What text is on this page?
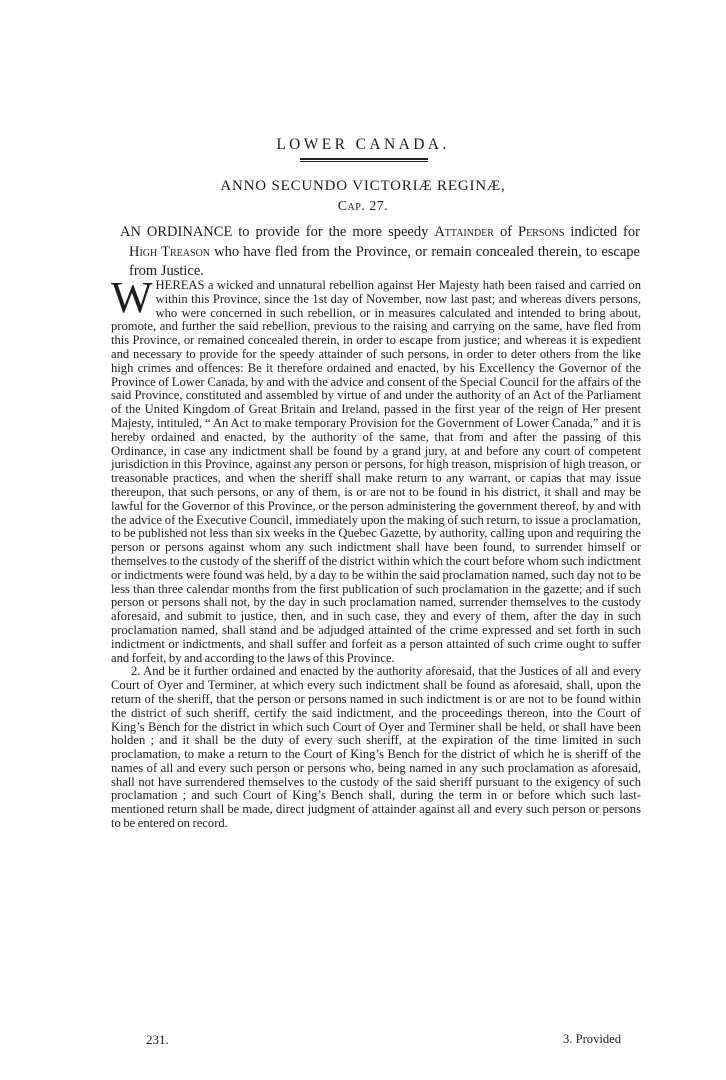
LOWER CANADA.
ANNO SECUNDO VICTORIÆ REGINÆ,
Cap. 27.

AN ORDINANCE to provide for the more speedy Attainder of Persons indicted for High Treason who have fled from the Province, or remain concealed therein, to escape from Justice.

WHEREAS a wicked and unnatural rebellion against Her Majesty hath been raised and carried on within this Province, since the 1st day of November, now last past; and whereas divers persons, who were concerned in such rebellion, or in measures calculated and intended to bring about, promote, and further the said rebellion, previous to the raising and carrying on the same, have fled from this Province, or remained concealed therein, in order to escape from justice; and whereas it is expedient and necessary to provide for the speedy attainder of such persons, in order to deter others from the like high crimes and offences: Be it therefore ordained and enacted, by his Excellency the Governor of the Province of Lower Canada, by and with the advice and consent of the Special Council for the affairs of the said Province, constituted and assembled by virtue of and under the authority of an Act of the Parliament of the United Kingdom of Great Britain and Ireland, passed in the first year of the reign of Her present Majesty, intituled, “ An Act to make temporary Provision for the Government of Lower Canada,” and it is hereby ordained and enacted, by the authority of the same, that from and after the passing of this Ordinance, in case any indictment shall be found by a grand jury, at and before any court of competent jurisdiction in this Province, against any person or persons, for high treason, misprision of high treason, or treasonable practices, and when the sheriff shall make return to any warrant, or capias that may issue thereupon, that such persons, or any of them, is or are not to be found in his district, it shall and may be lawful for the Governor of this Province, or the person administering the government thereof, by and with the advice of the Executive Council, immediately upon the making of such return, to issue a proclamation, to be published not less than six weeks in the Quebec Gazette, by authority, calling upon and requiring the person or persons against whom any such indictment shall have been found, to surrender himself or themselves to the custody of the sheriff of the district within which the court before whom such indictment or indictments were found was held, by a day to be within the said proclamation named, such day not to be less than three calendar months from the first publication of such proclamation in the gazette; and if such person or persons shall not, by the day in such proclamation named, surrender themselves to the custody aforesaid, and submit to justice, then, and in such case, they and every of them, after the day in such proclamation named, shall stand and be adjudged attainted of the crime expressed and set forth in such indictment or indictments, and shall suffer and forfeit as a person attainted of such crime ought to suffer and forfeit, by and according to the laws of this Province.

2. And be it further ordained and enacted by the authority aforesaid, that the Justices of all and every Court of Oyer and Terminer, at which every such indictment shall be found as aforesaid, shall, upon the return of the sheriff, that the person or persons named in such indictment is or are not to be found within the district of such sheriff, certify the said indictment, and the proceedings thereon, into the Court of King’s Bench for the district in which such Court of Oyer and Terminer shall be held, or shall have been holden ; and it shall be the duty of every such sheriff, at the expiration of the time limited in such proclamation, to make a return to the Court of King’s Bench for the district of which he is sheriff of the names of all and every such person or persons who, being named in any such proclamation as aforesaid, shall not have surrendered themselves to the custody of the said sheriff pursuant to the exigency of such proclamation ; and such Court of King’s Bench shall, during the term in or before which such last-mentioned return shall be made, direct judgment of attainder against all and every such person or persons to be entered on record.

231.	3. Provided
